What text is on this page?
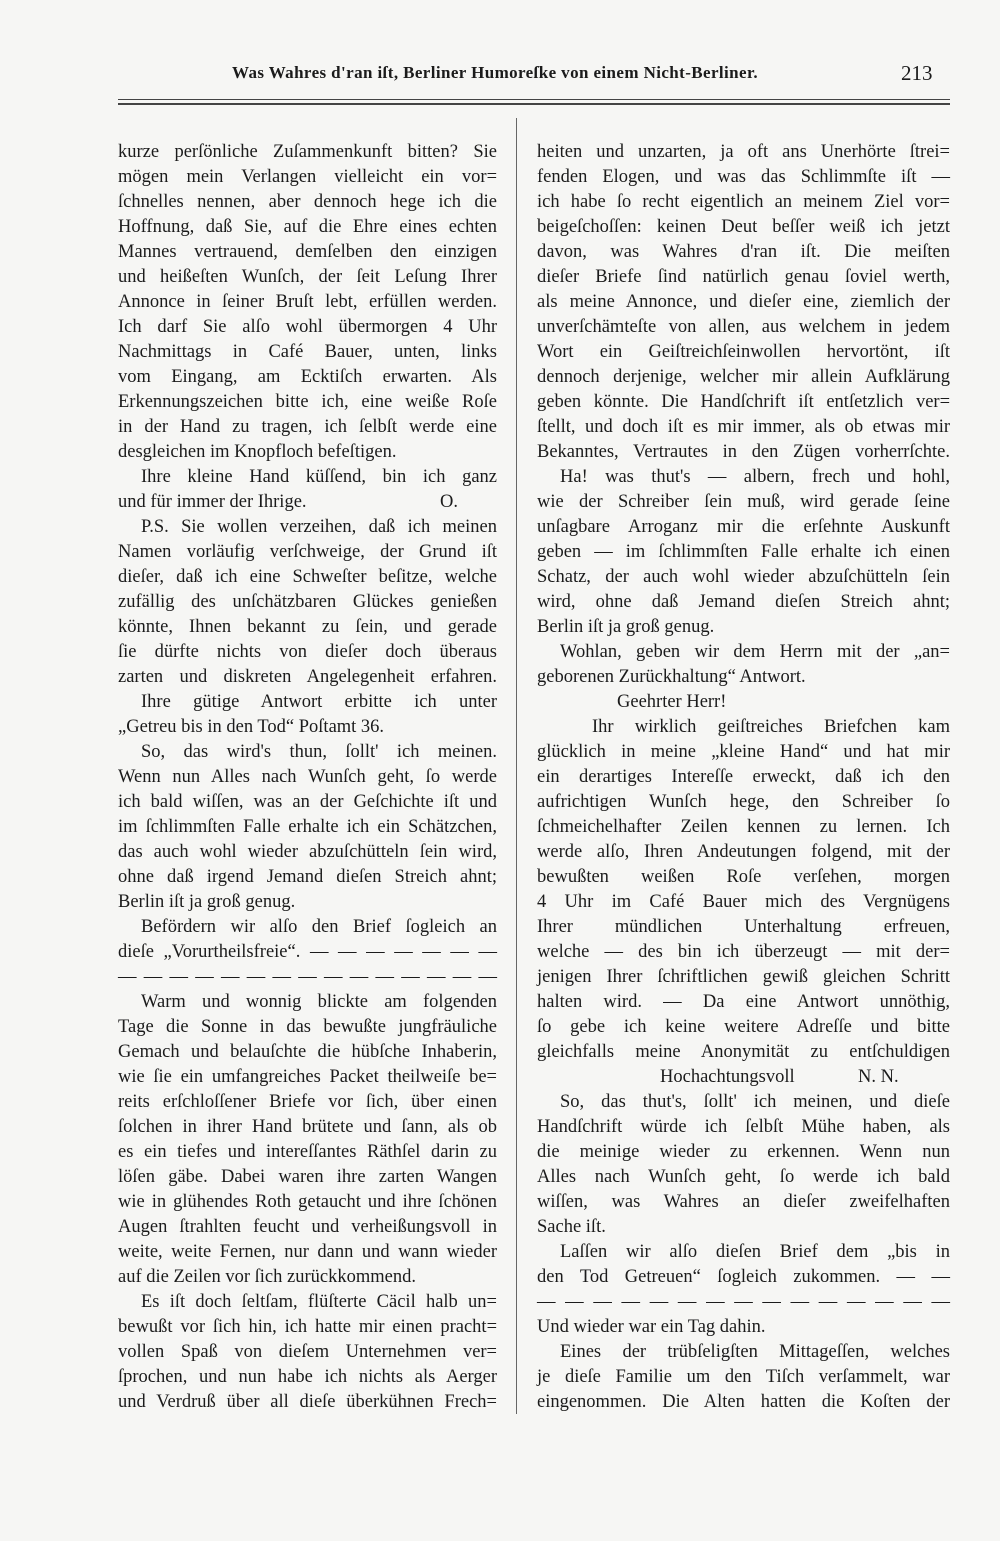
Was Wahres d'ran iſt, Berliner Humoreſke von einem Nicht-Berliner.	213
kurze perſönliche Zuſammenkunft bitten? Sie
mögen mein Verlangen vielleicht ein vor=
ſchnelles nennen, aber dennoch hege ich die
Hoffnung, daß Sie, auf die Ehre eines echten
Mannes vertrauend, demſelben den einzigen
und heißeſten Wunſch, der ſeit Leſung Ihrer
Annonce in ſeiner Bruſt lebt, erfüllen werden.
Ich darf Sie alſo wohl übermorgen 4 Uhr
Nachmittags in Café Bauer, unten, links
vom Eingang, am Ecktiſch erwarten. Als
Erkennungszeichen bitte ich, eine weiße Roſe
in der Hand zu tragen, ich ſelbſt werde eine
desgleichen im Knopfloch befeſtigen.
Ihre kleine Hand küſſend, bin ich ganz
und für immer der Ihrige.	O.
P.S. Sie wollen verzeihen, daß ich meinen
Namen vorläufig verſchweige, der Grund iſt
dieſer, daß ich eine Schweſter beſitze, welche
zufällig des unſchätzbaren Glückes genießen
könnte, Ihnen bekannt zu ſein, und gerade
ſie dürfte nichts von dieſer doch überaus
zarten und diskreten Angelegenheit erfahren.
Ihre gütige Antwort erbitte ich unter
„Getreu bis in den Tod“ Poſtamt 36.
So, das wird's thun, ſollt' ich meinen.
Wenn nun Alles nach Wunſch geht, ſo werde
ich bald wiſſen, was an der Geſchichte iſt und
im ſchlimmſten Falle erhalte ich ein Schätzchen,
das auch wohl wieder abzuſchütteln ſein wird,
ohne daß irgend Jemand dieſen Streich ahnt;
Berlin iſt ja groß genug.
Befördern wir alſo den Brief ſogleich an
dieſe „Vorurtheilsfreie“. — — — — — — —
— — — — — — — — — — — — — — —
Warm und wonnig blickte am folgenden
Tage die Sonne in das bewußte jungfräuliche
Gemach und belauſchte die hübſche Inhaberin,
wie ſie ein umfangreiches Packet theilweiſe be=
reits erſchloſſener Briefe vor ſich, über einen
ſolchen in ihrer Hand brütete und ſann, als ob
es ein tiefes und intereſſantes Räthſel darin zu
löſen gäbe. Dabei waren ihre zarten Wangen
wie in glühendes Roth getaucht und ihre ſchönen
Augen ſtrahlten feucht und verheißungsvoll in
weite, weite Fernen, nur dann und wann wieder
auf die Zeilen vor ſich zurückkommend.
Es iſt doch ſeltſam, flüſterte Cäcil halb un=
bewußt vor ſich hin, ich hatte mir einen pracht=
vollen Spaß von dieſem Unternehmen ver=
ſprochen, und nun habe ich nichts als Aerger
und Verdruß über all dieſe überkühnen Frech=
heiten und unzarten, ja oft ans Unerhörte ſtrei=
fenden Elogen, und was das Schlimmſte iſt —
ich habe ſo recht eigentlich an meinem Ziel vor=
beigeſchoſſen: keinen Deut beſſer weiß ich jetzt
davon, was Wahres d'ran iſt. Die meiſten
dieſer Briefe ſind natürlich genau ſoviel werth,
als meine Annonce, und dieſer eine, ziemlich der
unverſchämteſte von allen, aus welchem in jedem
Wort ein Geiſtreichſeinwollen hervortönt, iſt
dennoch derjenige, welcher mir allein Aufklärung
geben könnte. Die Handſchrift iſt entſetzlich ver=
ſtellt, und doch iſt es mir immer, als ob etwas mir
Bekanntes, Vertrautes in den Zügen vorherrſchte.
Ha! was thut's — albern, frech und hohl,
wie der Schreiber ſein muß, wird gerade ſeine
unſagbare Arroganz mir die erſehnte Auskunft
geben — im ſchlimmſten Falle erhalte ich einen
Schatz, der auch wohl wieder abzuſchütteln ſein
wird, ohne daß Jemand dieſen Streich ahnt;
Berlin iſt ja groß genug.
Wohlan, geben wir dem Herrn mit der „an=
geborenen Zurückhaltung“ Antwort.
Geehrter Herr!
Ihr wirklich geiſtreiches Briefchen kam
glücklich in meine „kleine Hand“ und hat mir
ein derartiges Intereſſe erweckt, daß ich den
aufrichtigen Wunſch hege, den Schreiber ſo
ſchmeichelhafter Zeilen kennen zu lernen. Ich
werde alſo, Ihren Andeutungen folgend, mit der
bewußten weißen Roſe verſehen, morgen
4 Uhr im Café Bauer mich des Vergnügens
Ihrer mündlichen Unterhaltung erfreuen,
welche — des bin ich überzeugt — mit der=
jenigen Ihrer ſchriftlichen gewiß gleichen Schritt
halten wird. — Da eine Antwort unnöthig,
ſo gebe ich keine weitere Adreſſe und bitte
gleichfalls meine Anonymität zu entſchuldigen
Hochachtungsvoll	N. N.
So, das thut's, ſollt' ich meinen, und dieſe
Handſchrift würde ich ſelbſt Mühe haben, als
die meinige wieder zu erkennen. Wenn nun
Alles nach Wunſch geht, ſo werde ich bald
wiſſen, was Wahres an dieſer zweifelhaften
Sache iſt.
Laſſen wir alſo dieſen Brief dem „bis in
den Tod Getreuen“ ſogleich zukommen. — —
— — — — — — — — — — — — — — —
Und wieder war ein Tag dahin.
Eines der trübſeligſten Mittageſſen, welches
je dieſe Familie um den Tiſch verſammelt, war
eingenommen. Die Alten hatten die Koſten der
